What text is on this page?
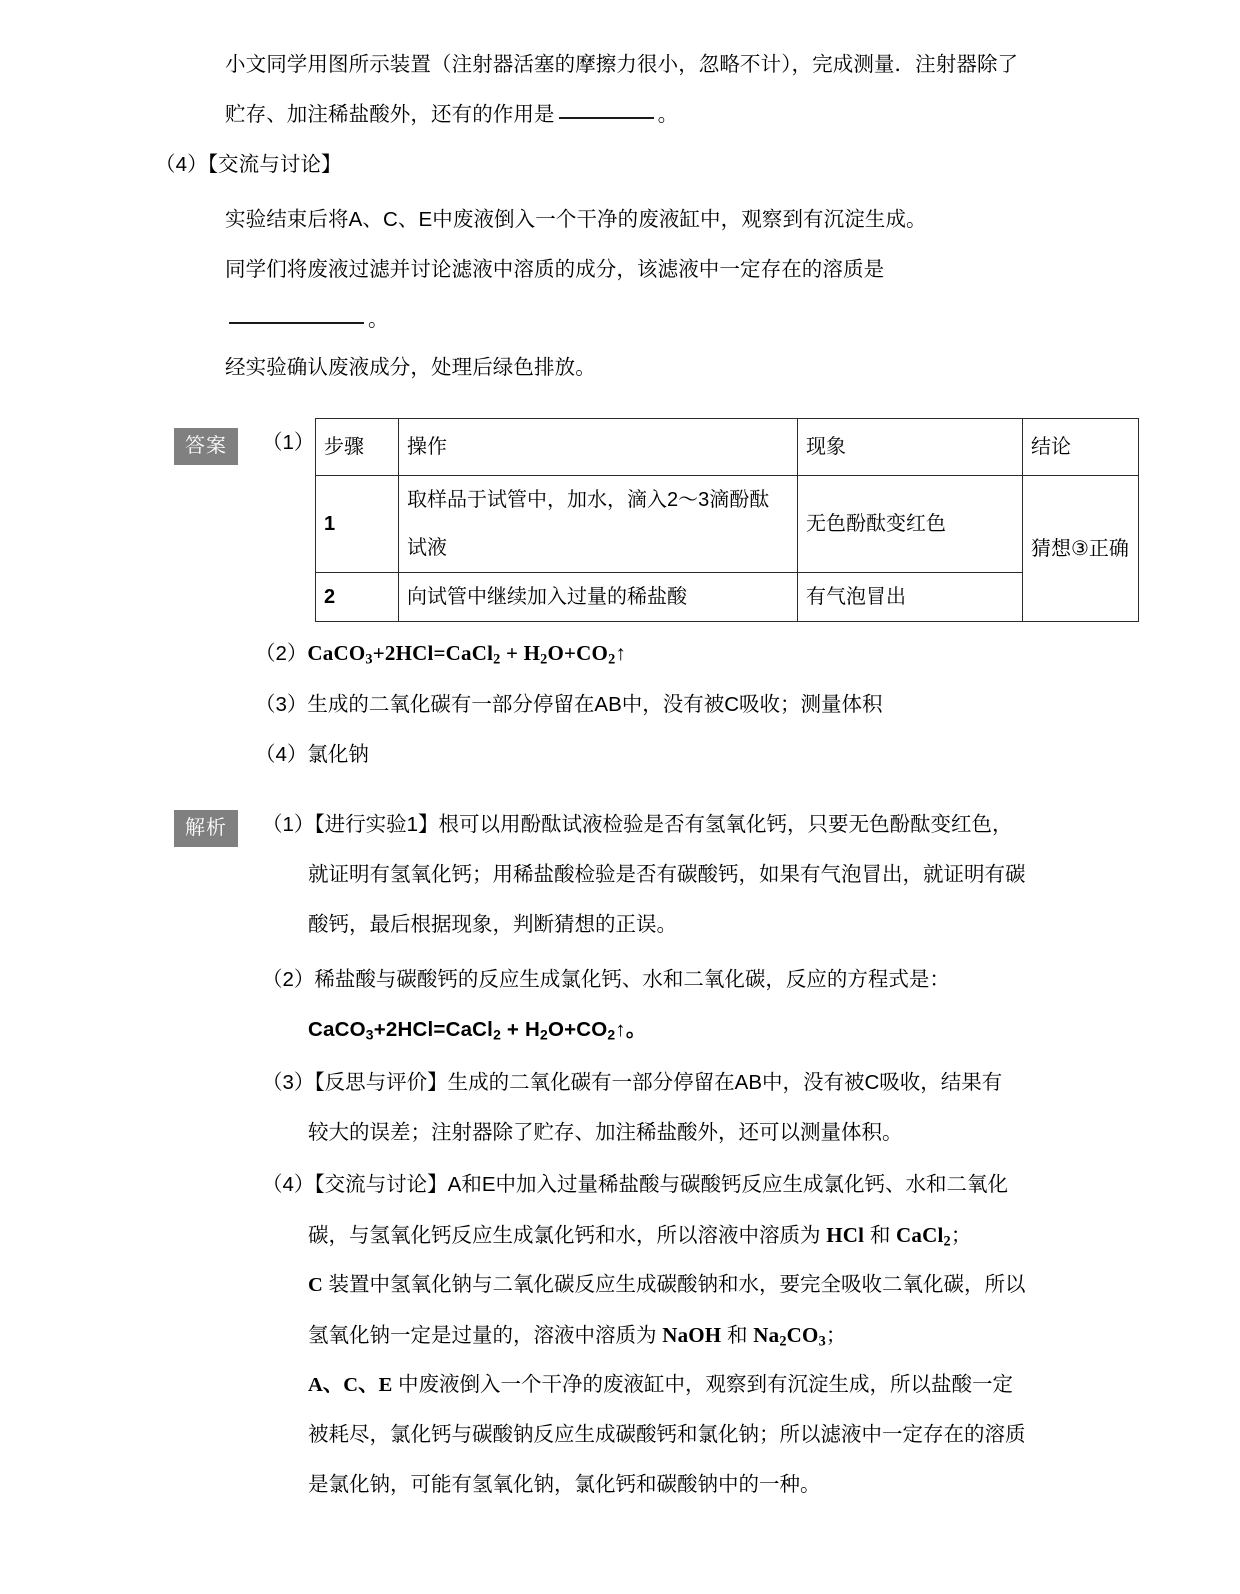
小文同学用图所示装置（注射器活塞的摩擦力很小，忽略不计），完成测量．注射器除了
贮存、加注稀盐酸外，还有的作用是	。
（4）【交流与讨论】
实验结束后将A、C、E中废液倒入一个干净的废液缸中，观察到有沉淀生成。
同学们将废液过滤并讨论滤液中溶质的成分，该滤液中一定存在的溶质是
。
经实验确认废液成分，处理后绿色排放。
答案	（1） 步骤	操作	现象	结论
1	取样品于试管中，加水，滴入2～3滴酚酞试液	无色酚酞变红色	猜想③正确
2	向试管中继续加入过量的稀盐酸	有气泡冒出	
（2）CaCO$_3$+2HCl=CaCl$_2$ + $H_2O+CO_2↑$
（3）生成的二氧化碳有一部分停留在AB中，没有被C吸收；测量体积
（4）氯化钠
解析	（1）【进行实验1】根可以用酚酞试液检验是否有氢氧化钙，只要无色酚酞变红色，
就证明有氢氧化钙；用稀盐酸检验是否有碳酸钙，如果有气泡冒出，就证明有碳
酸钙，最后根据现象，判断猜想的正误。
（2）稀盐酸与碳酸钙的反应生成氯化钙、水和二氧化碳，反应的方程式是：
CaCO$_3$+2HCl=CaCl$_2$ + $H_2O+CO_2↑$。
（3）【反思与评价】生成的二氧化碳有一部分停留在AB中，没有被C吸收，结果有
较大的误差；注射器除了贮存、加注稀盐酸外，还可以测量体积。
（4）【交流与讨论】A和E中加入过量稀盐酸与碳酸钙反应生成氯化钙、水和二氧化
碳，与氢氧化钙反应生成氯化钙和水，所以溶液中溶质为 HCl 和 CaCl$_2$；
C 装置中氢氧化钠与二氧化碳反应生成碳酸钠和水，要完全吸收二氧化碳，所以
氢氧化钠一定是过量的，溶液中溶质为 NaOH 和 $Na_2CO_3$；
A、C、E 中废液倒入一个干净的废液缸中，观察到有沉淀生成，所以盐酸一定
被耗尽，氯化钙与碳酸钠反应生成碳酸钙和氯化钠；所以滤液中一定存在的溶质
是氯化钠，可能有氢氧化钠，氯化钙和碳酸钠中的一种。
